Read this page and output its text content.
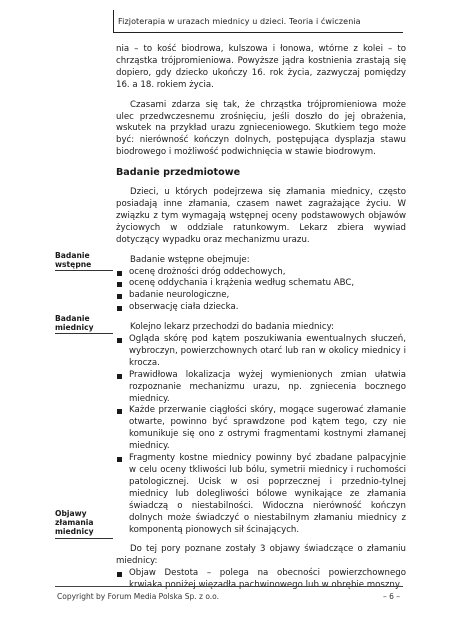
Fizjoterapia w urazach miednicy u dzieci. Teoria i ćwiczenia
Badanie wstępne
Badanie miednicy
Objawy złamania miednicy

nia – to kość biodrowa, kulszowa i łonowa, wtórne z kolei – to chrząstka trójpromieniowa. Powyższe jądra kostnienia zrastają się dopiero, gdy dziecko ukończy 16. rok życia, zazwyczaj pomiędzy 16. a 18. rokiem życia.

Czasami zdarza się tak, że chrząstka trójpromieniowa może ulec przedwczesnemu zrośnięciu, jeśli doszło do jej obrażenia, wskutek na przykład urazu zgnieceniowego. Skutkiem tego może być: nierówność kończyn dolnych, postępująca dysplazja stawu biodrowego i możliwość podwichnięcia w stawie biodrowym.

Badanie przedmiotowe

Dzieci, u których podejrzewa się złamania miednicy, często posiadają inne złamania, czasem nawet zagrażające życiu. W związku z tym wymagają wstępnej oceny podstawowych objawów życiowych w oddziale ratunkowym. Lekarz zbiera wywiad dotyczący wypadku oraz mechanizmu urazu.

Badanie wstępne obejmuje:

ocenę drożności dróg oddechowych,
ocenę oddychania i krążenia według schematu ABC,
badanie neurologiczne,
obserwację ciała dziecka.

Kolejno lekarz przechodzi do badania miednicy:

Ogląda skórę pod kątem poszukiwania ewentualnych słuczeń, wybroczyn, powierzchownych otarć lub ran w okolicy miednicy i krocza.
Prawidłowa lokalizacja wyżej wymienionych zmian ułatwia rozpoznanie mechanizmu urazu, np. zgniecenia bocznego miednicy.
Każde przerwanie ciągłości skóry, mogące sugerować złamanie otwarte, powinno być sprawdzone pod kątem tego, czy nie komunikuje się ono z ostrymi fragmentami kostnymi złamanej miednicy.
Fragmenty kostne miednicy powinny być zbadane palpacyjnie w celu oceny tkliwości lub bólu, symetrii miednicy i ruchomości patologicznej. Ucisk w osi poprzecznej i przednio-tylnej miednicy lub dolegliwości bólowe wynikające ze złamania świadczą o niestabilności. Widoczna nierówność kończyn dolnych może świadczyć o niestabilnym złamaniu miednicy z komponentą pionowych sił ścinających.

Do tej pory poznane zostały 3 objawy świadczące o złamaniu miednicy:

Objaw Destota – polega na obecności powierzchownego krwiaka poniżej więzadła pachwinowego lub w obrębie moszny.
Copyright by Forum Media Polska Sp. z o.o.	– 6 –
